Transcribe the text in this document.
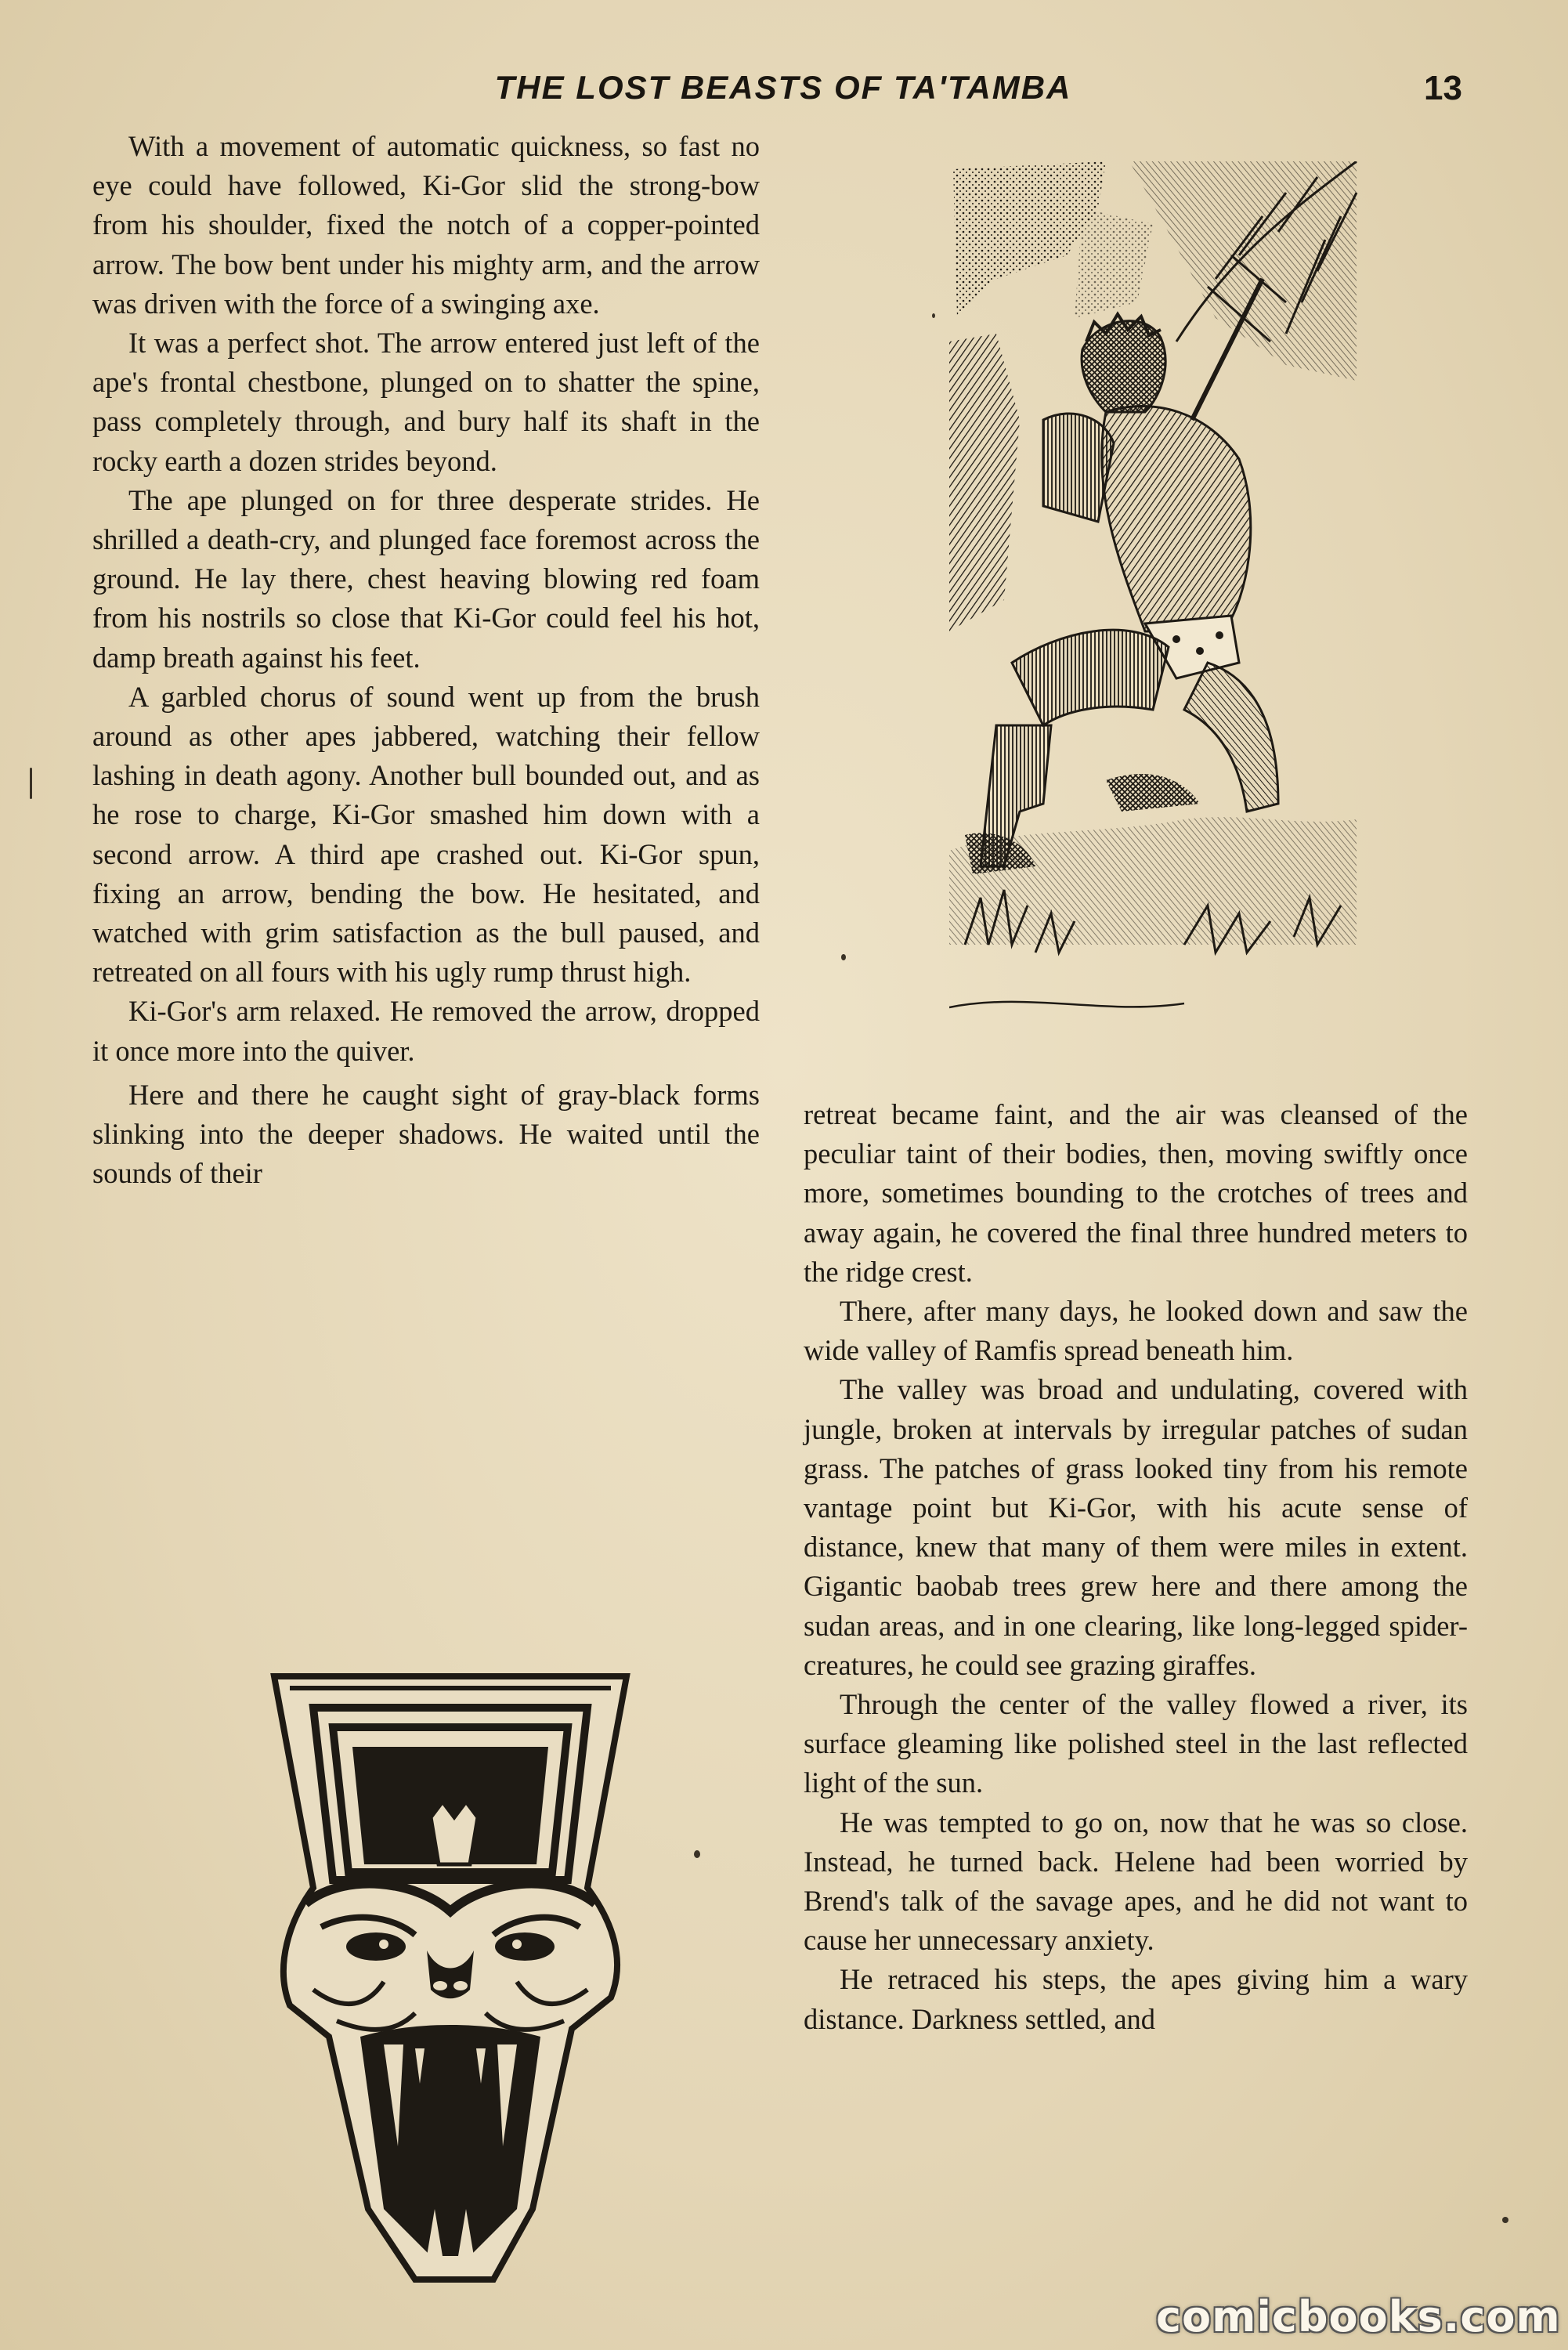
THE LOST BEASTS OF TA'TAMBA	13

With a movement of automatic quickness, so fast no eye could have followed, Ki-Gor slid the strong-bow from his shoulder, fixed the notch of a copper-pointed arrow. The bow bent under his mighty arm, and the arrow was driven with the force of a swinging axe.

It was a perfect shot. The arrow entered just left of the ape's frontal chestbone, plunged on to shatter the spine, pass completely through, and bury half its shaft in the rocky earth a dozen strides beyond.

The ape plunged on for three desperate strides. He shrilled a death-cry, and plunged face foremost across the ground. He lay there, chest heaving blowing red foam from his nostrils so close that Ki-Gor could feel his hot, damp breath against his feet.

A garbled chorus of sound went up from the brush around as other apes jabbered, watching their fellow lashing in death agony. Another bull bounded out, and as he rose to charge, Ki-Gor smashed him down with a second arrow. A third ape crashed out. Ki-Gor spun, fixing an arrow, bending the bow. He hesitated, and watched with grim satisfaction as the bull paused, and retreated on all fours with his ugly rump thrust high.

Ki-Gor's arm relaxed. He removed the arrow, dropped it once more into the quiver.

Here and there he caught sight of gray-black forms slinking into the deeper shadows. He waited until the sounds of their

retreat became faint, and the air was cleansed of the peculiar taint of their bodies, then, moving swiftly once more, sometimes bounding to the crotches of trees and away again, he covered the final three hundred meters to the ridge crest.

There, after many days, he looked down and saw the wide valley of Ramfis spread beneath him.

The valley was broad and undulating, covered with jungle, broken at intervals by irregular patches of sudan grass. The patches of grass looked tiny from his remote vantage point but Ki-Gor, with his acute sense of distance, knew that many of them were miles in extent. Gigantic baobab trees grew here and there among the sudan areas, and in one clearing, like long-legged spider-creatures, he could see grazing giraffes.

Through the center of the valley flowed a river, its surface gleaming like polished steel in the last reflected light of the sun.

He was tempted to go on, now that he was so close. Instead, he turned back. Helene had been worried by Brend's talk of the savage apes, and he did not want to cause her unnecessary anxiety.

He retraced his steps, the apes giving him a wary distance. Darkness settled, and

comicbooks.com
